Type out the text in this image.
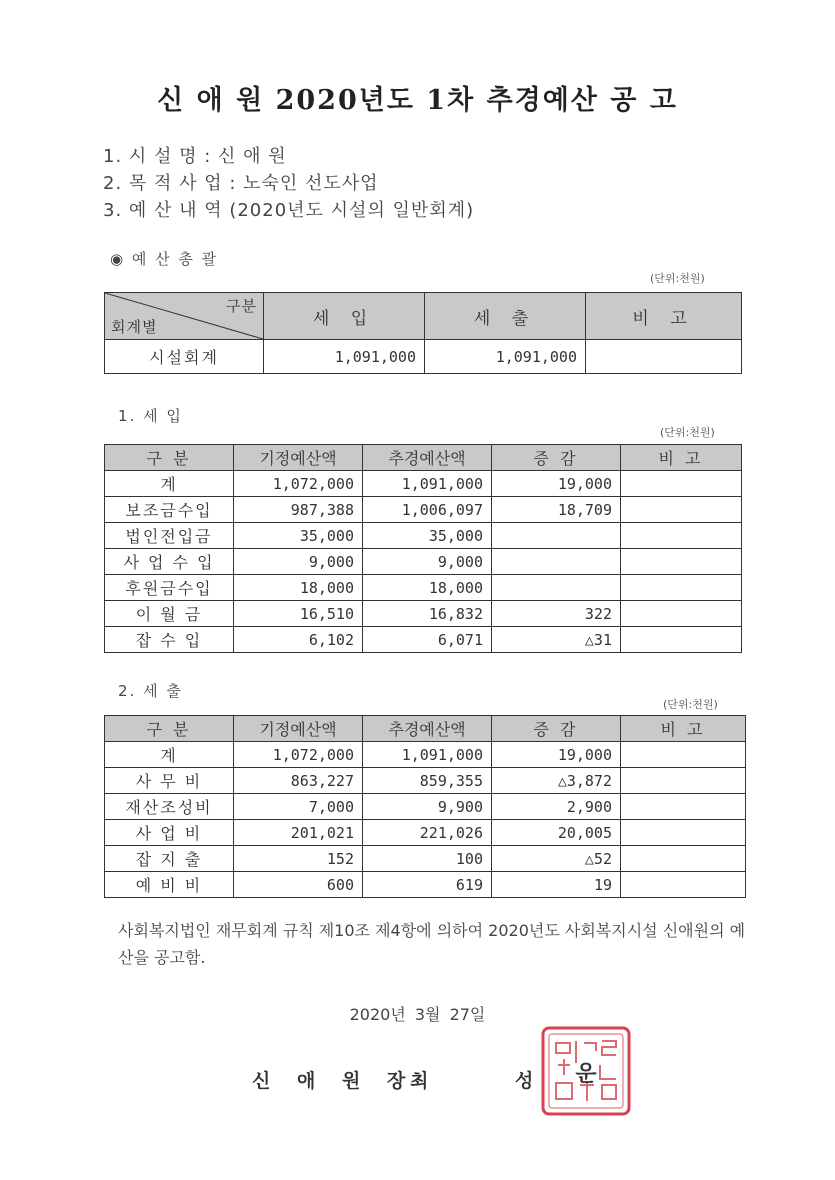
신 애 원 2020년도 1차 추경예산 공 고
1. 시 설 명 : 신 애 원
2. 목 적 사 업 : 노숙인 선도사업
3. 예 산 내 역 (2020년도 시설의 일반회계)
◉ 예 산 총 괄
(단위:천원)
구분
회계별	세 입	세 출	비 고
시설회계	1,091,000	1,091,000	
1. 세 입
(단위:천원)
구 분	기정예산액	추경예산액	증 감	비 고
계	1,072,000	1,091,000	19,000	
보조금수입	987,388	1,006,097	18,709	
법인전입금	35,000	35,000		
사 업 수 입	9,000	9,000		
후원금수입	18,000	18,000		
이 월 금	16,510	16,832	322	
잡 수 입	6,102	6,071	△31	
2. 세 출
(단위:천원)
구 분	기정예산액	추경예산액	증 감	비 고
계	1,072,000	1,091,000	19,000	
사 무 비	863,227	859,355	△3,872	
재산조성비	7,000	9,900	2,900	
사 업 비	201,021	221,026	20,005	
잡 지 출	152	100	△52	
예 비 비	600	619	19	
사회복지법인 재무회계 규칙 제10조 제4항에 의하여 2020년도 사회복지시설 신애원의 예산을 공고함.
2020년 3월 27일
신 애 원 장
최 성 운
